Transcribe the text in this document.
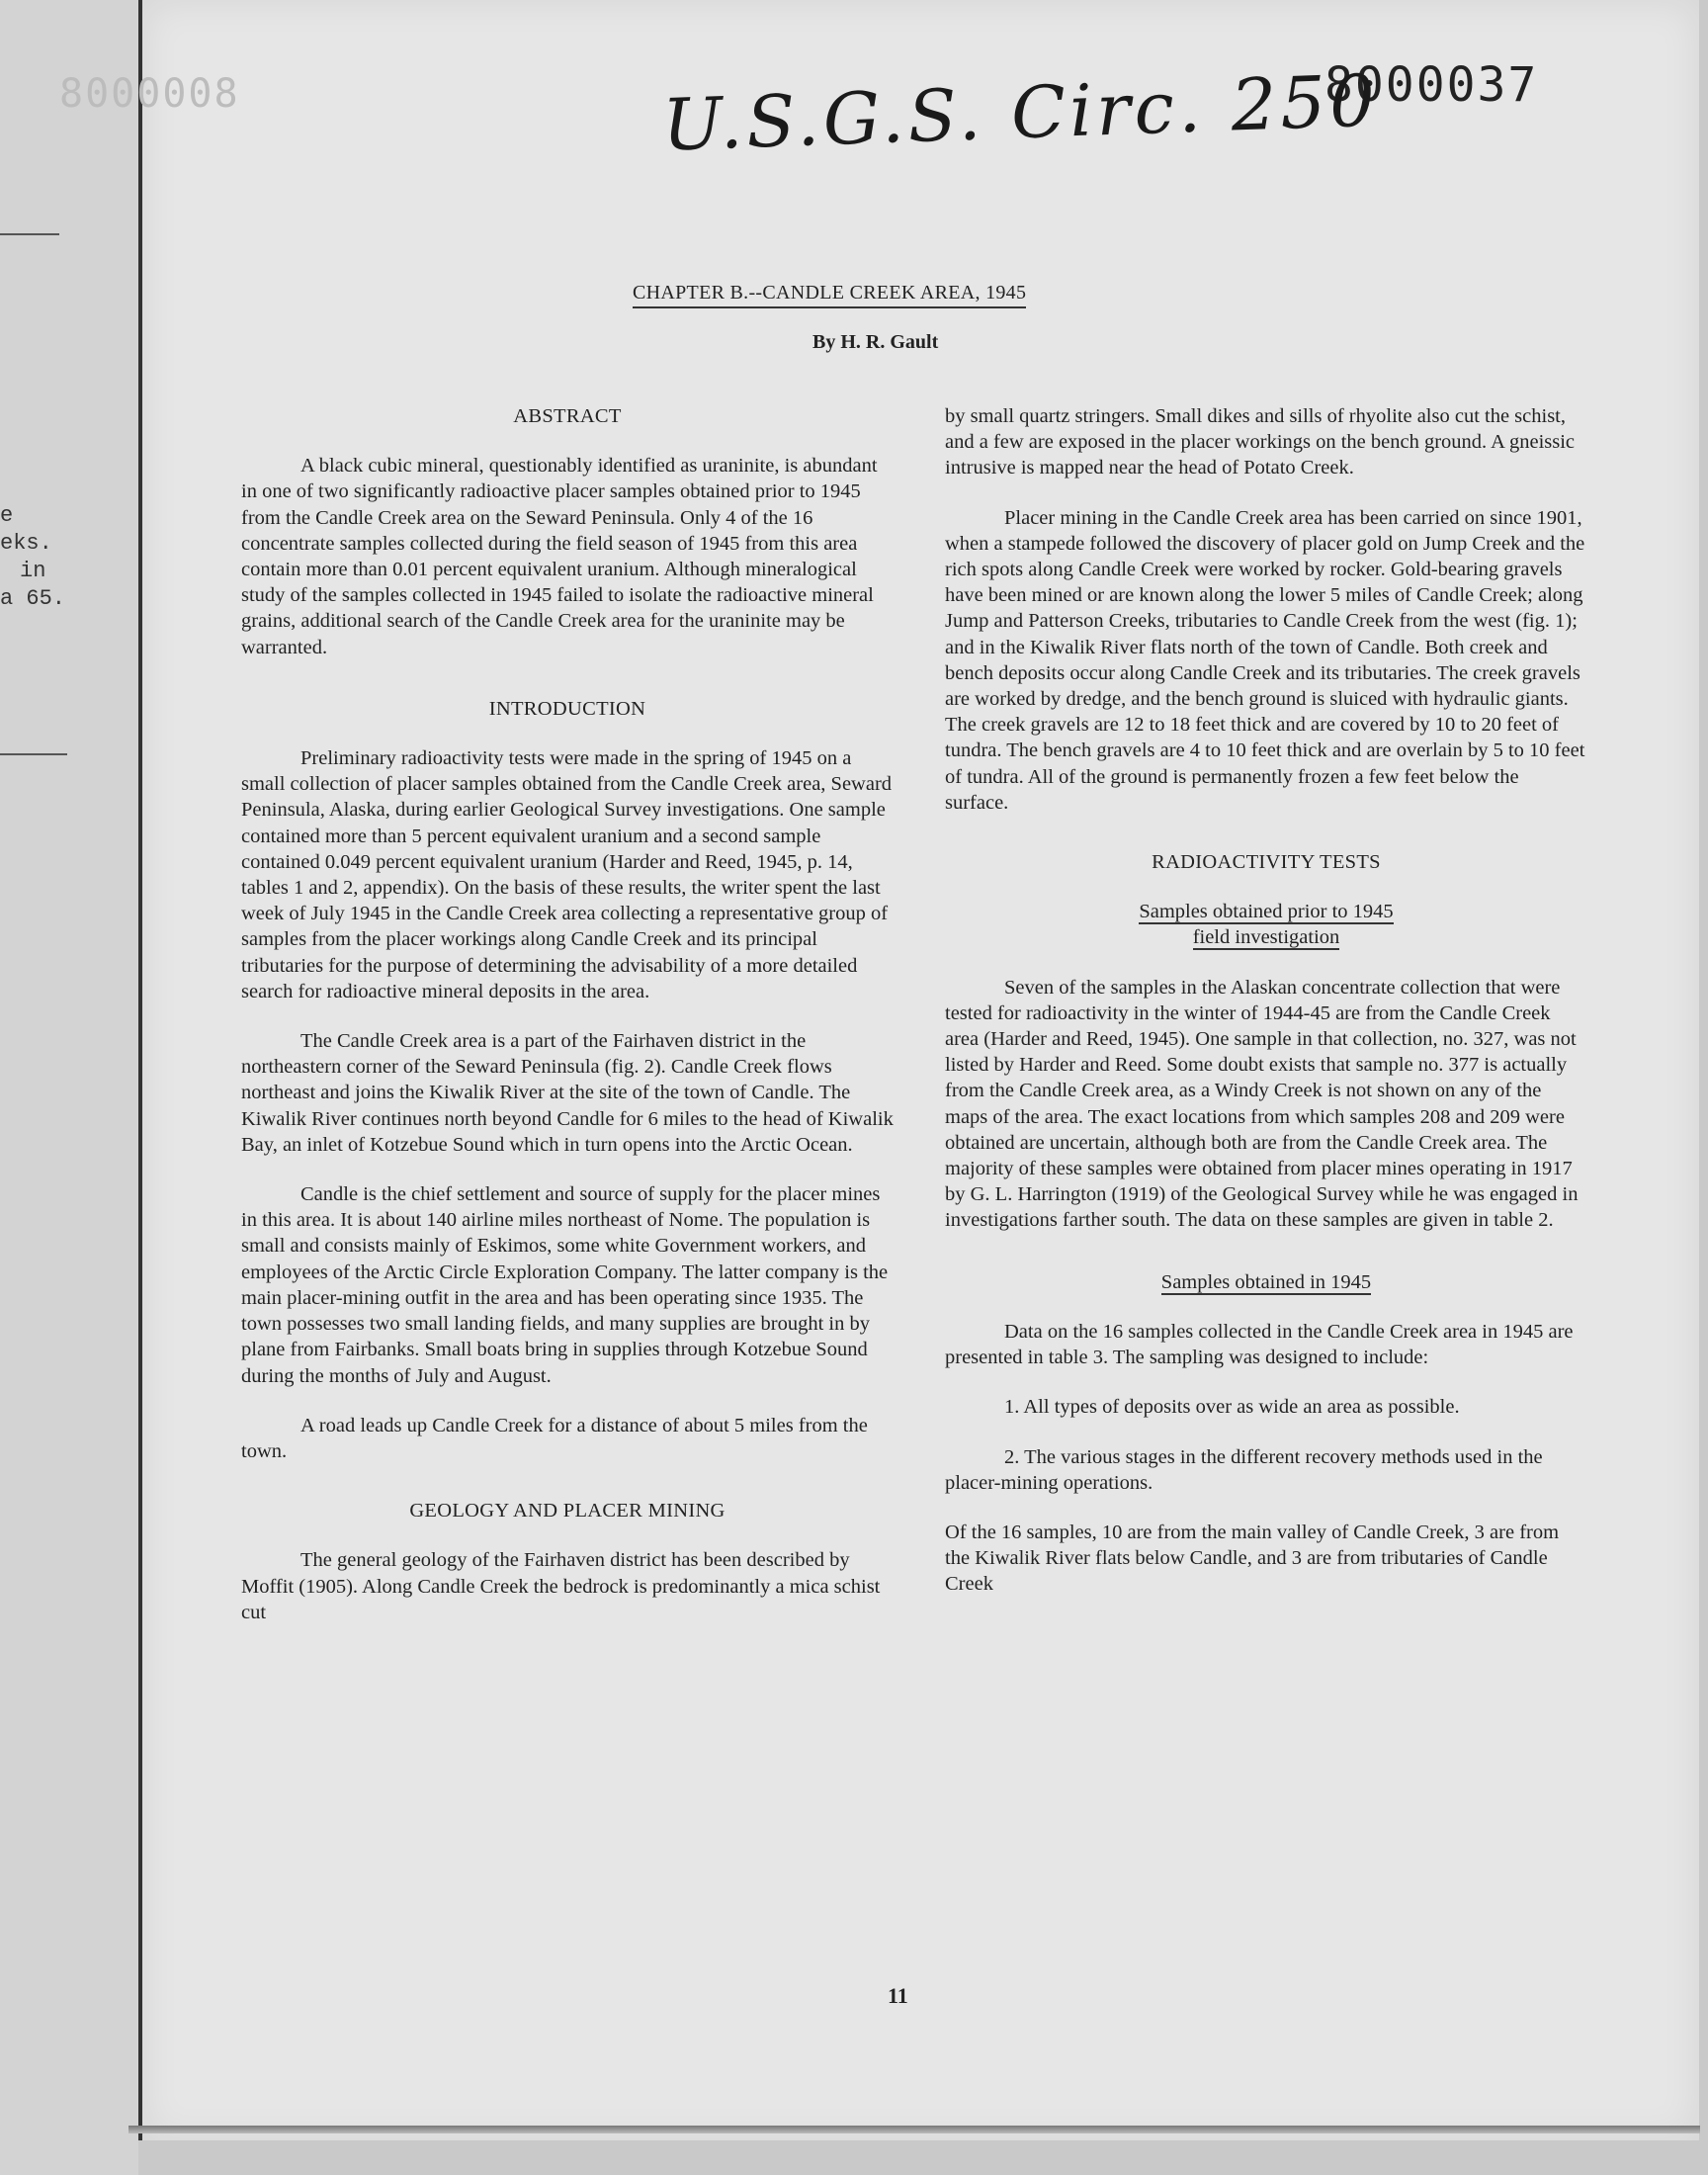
e
eks.
in
a 65.
8000008	8000037
U.S.G.S. Circ. 250
CHAPTER B.--CANDLE CREEK AREA, 1945
By H. R. Gault
ABSTRACT

A black cubic mineral, questionably identified as uraninite, is abundant in one of two significantly radioactive placer samples obtained prior to 1945 from the Candle Creek area on the Seward Peninsula. Only 4 of the 16 concentrate samples collected during the field season of 1945 from this area contain more than 0.01 percent equivalent uranium. Although mineralogical study of the samples collected in 1945 failed to isolate the radioactive mineral grains, additional search of the Candle Creek area for the uraninite may be warranted.

INTRODUCTION

Preliminary radioactivity tests were made in the spring of 1945 on a small collection of placer samples obtained from the Candle Creek area, Seward Peninsula, Alaska, during earlier Geological Survey investigations. One sample contained more than 5 percent equivalent uranium and a second sample contained 0.049 percent equivalent uranium (Harder and Reed, 1945, p. 14, tables 1 and 2, appendix). On the basis of these results, the writer spent the last week of July 1945 in the Candle Creek area collecting a representative group of samples from the placer workings along Candle Creek and its principal tributaries for the purpose of determining the advisability of a more detailed search for radioactive mineral deposits in the area.

The Candle Creek area is a part of the Fairhaven district in the northeastern corner of the Seward Peninsula (fig. 2). Candle Creek flows northeast and joins the Kiwalik River at the site of the town of Candle. The Kiwalik River continues north beyond Candle for 6 miles to the head of Kiwalik Bay, an inlet of Kotzebue Sound which in turn opens into the Arctic Ocean.

Candle is the chief settlement and source of supply for the placer mines in this area. It is about 140 airline miles northeast of Nome. The population is small and consists mainly of Eskimos, some white Government workers, and employees of the Arctic Circle Exploration Company. The latter company is the main placer-mining outfit in the area and has been operating since 1935. The town possesses two small landing fields, and many supplies are brought in by plane from Fairbanks. Small boats bring in supplies through Kotzebue Sound during the months of July and August.

A road leads up Candle Creek for a distance of about 5 miles from the town.

GEOLOGY AND PLACER MINING

The general geology of the Fairhaven district has been described by Moffit (1905). Along Candle Creek the bedrock is predominantly a mica schist cut

by small quartz stringers. Small dikes and sills of rhyolite also cut the schist, and a few are exposed in the placer workings on the bench ground. A gneissic intrusive is mapped near the head of Potato Creek.

Placer mining in the Candle Creek area has been carried on since 1901, when a stampede followed the discovery of placer gold on Jump Creek and the rich spots along Candle Creek were worked by rocker. Gold-bearing gravels have been mined or are known along the lower 5 miles of Candle Creek; along Jump and Patterson Creeks, tributaries to Candle Creek from the west (fig. 1); and in the Kiwalik River flats north of the town of Candle. Both creek and bench deposits occur along Candle Creek and its tributaries. The creek gravels are worked by dredge, and the bench ground is sluiced with hydraulic giants. The creek gravels are 12 to 18 feet thick and are covered by 10 to 20 feet of tundra. The bench gravels are 4 to 10 feet thick and are overlain by 5 to 10 feet of tundra. All of the ground is permanently frozen a few feet below the surface.

RADIOACTIVITY TESTS
Samples obtained prior to 1945
field investigation

Seven of the samples in the Alaskan concentrate collection that were tested for radioactivity in the winter of 1944-45 are from the Candle Creek area (Harder and Reed, 1945). One sample in that collection, no. 327, was not listed by Harder and Reed. Some doubt exists that sample no. 377 is actually from the Candle Creek area, as a Windy Creek is not shown on any of the maps of the area. The exact locations from which samples 208 and 209 were obtained are uncertain, although both are from the Candle Creek area. The majority of these samples were obtained from placer mines operating in 1917 by G. L. Harrington (1919) of the Geological Survey while he was engaged in investigations farther south. The data on these samples are given in table 2.

Samples obtained in 1945

Data on the 16 samples collected in the Candle Creek area in 1945 are presented in table 3. The sampling was designed to include:

1. All types of deposits over as wide an area as possible.

2. The various stages in the different recovery methods used in the placer-mining operations.

Of the 16 samples, 10 are from the main valley of Candle Creek, 3 are from the Kiwalik River flats below Candle, and 3 are from tributaries of Candle Creek

11
